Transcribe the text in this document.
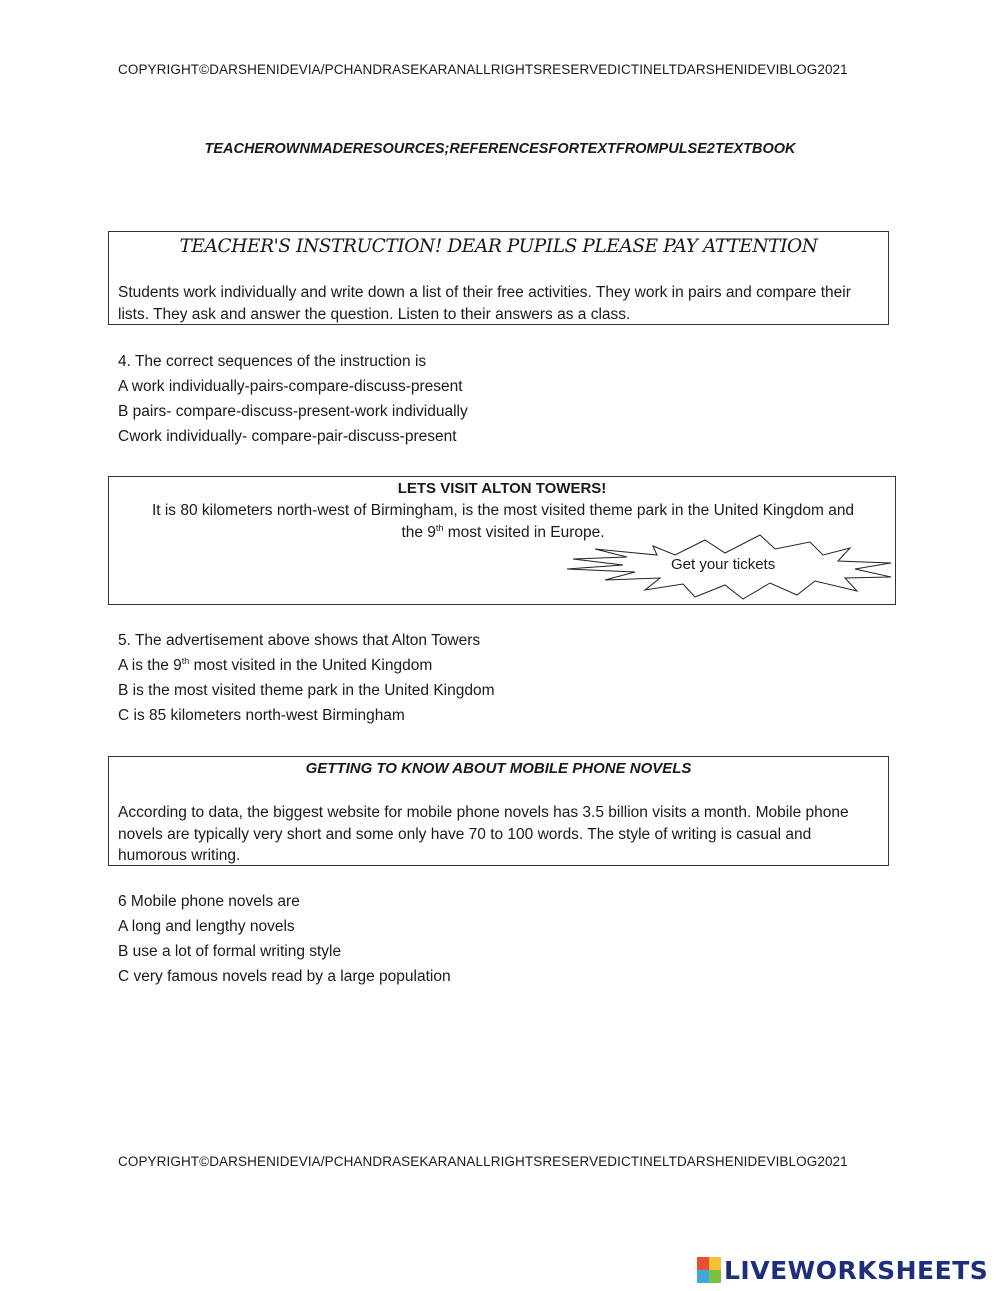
COPYRIGHT©DARSHENIDEVIA/PCHANDRASEKARANALLRIGHTSRESERVEDICTINELTDARSHENIDEVIBLOG2021
TEACHEROWNMADERESOURCES;REFERENCESFORTEXTFROMPULSE2TEXTBOOK
TEACHER'S INSTRUCTION! DEAR PUPILS PLEASE PAY ATTENTION
Students work individually and write down a list of their free activities. They work in pairs and compare their lists. They ask and answer the question. Listen to their answers as a class.
4. The correct sequences of the instruction is
A work individually-pairs-compare-discuss-present
B pairs- compare-discuss-present-work individually
Cwork individually- compare-pair-discuss-present
LETS VISIT ALTON TOWERS!
It is 80 kilometers north-west of Birmingham, is the most visited theme park in the United Kingdom and
the 9th most visited in Europe.
Get your tickets
5. The advertisement above shows that Alton Towers
A is the 9th most visited in the United Kingdom
B is the most visited theme park in the United Kingdom
C is 85 kilometers north-west Birmingham
GETTING TO KNOW ABOUT MOBILE PHONE NOVELS
According to data, the biggest website for mobile phone novels has 3.5 billion visits a month. Mobile phone novels are typically very short and some only have 70 to 100 words. The style of writing is casual and humorous writing.
6 Mobile phone novels are
A long and lengthy novels
B use a lot of formal writing style
C very famous novels read by a large population
COPYRIGHT©DARSHENIDEVIA/PCHANDRASEKARANALLRIGHTSRESERVEDICTINELTDARSHENIDEVIBLOG2021
LIVEWORKSHEETS
